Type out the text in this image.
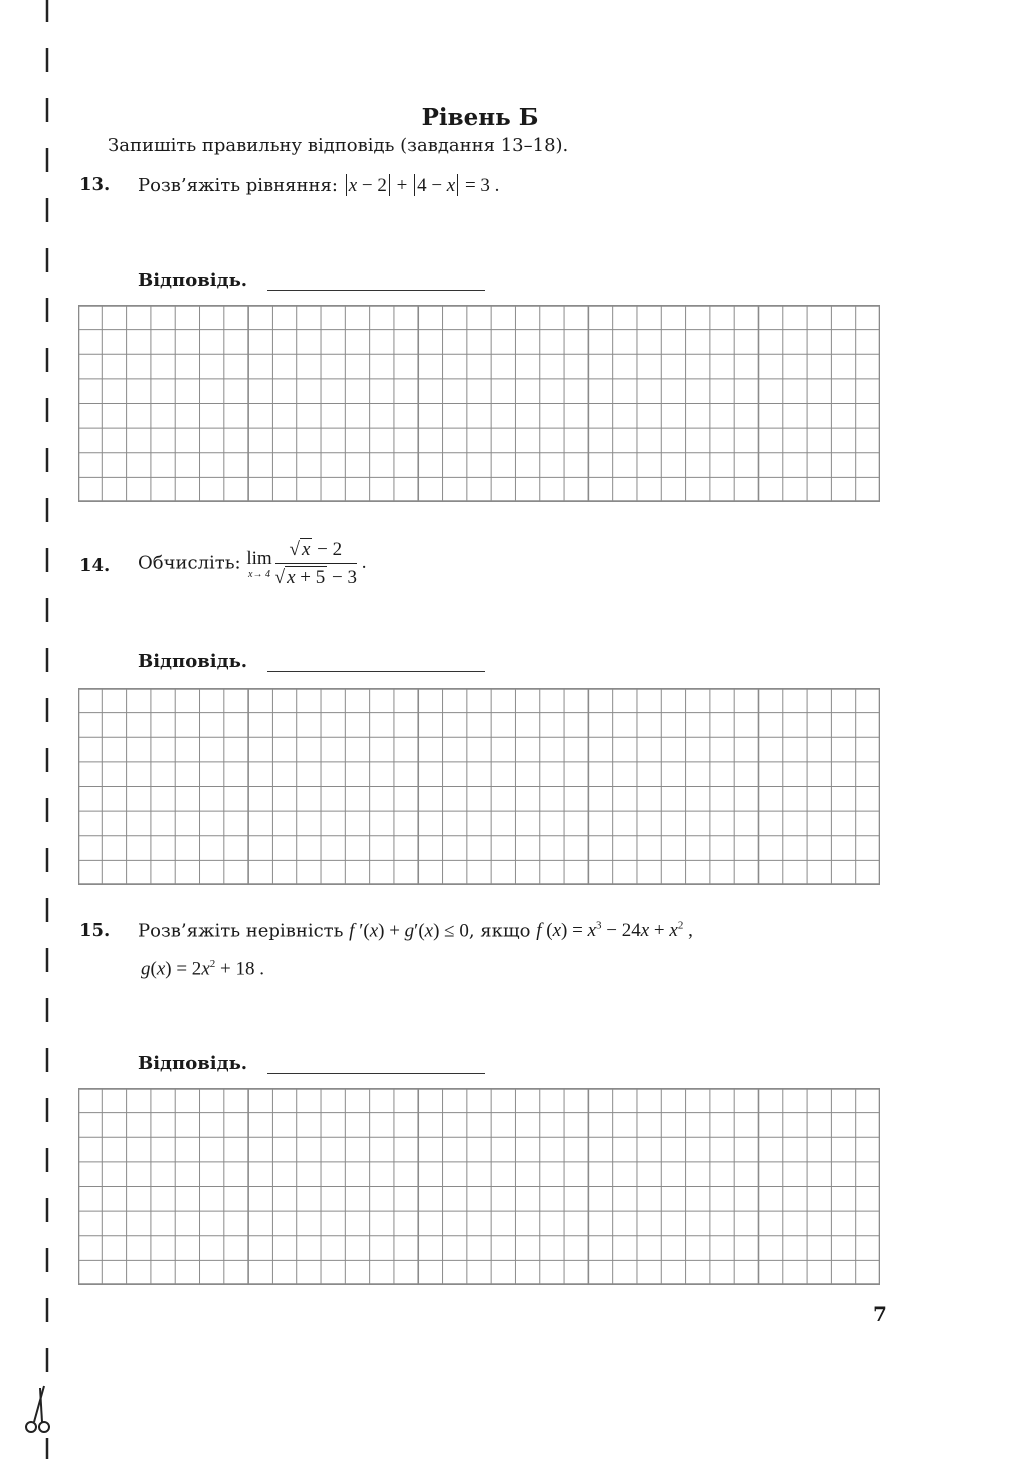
Рівень Б
Запишіть правильну відповідь (завдання 13–18).
13. Розв’яжіть рівняння: x − 2 + 4 − x = 3 .
Відповідь.
14. Обчисліть: lim
$x\to 4 \frac{√ x - 2}{√ x + 5 - 3}$ .
Відповідь.
15. Розв’яжіть нерівність f ′(x) + g′(x) ≤ 0, якщо f $(x) = x^3 - 24x + x^2$ ,
$g(x) = 2x^2 + 18$ .
Відповідь.
7
